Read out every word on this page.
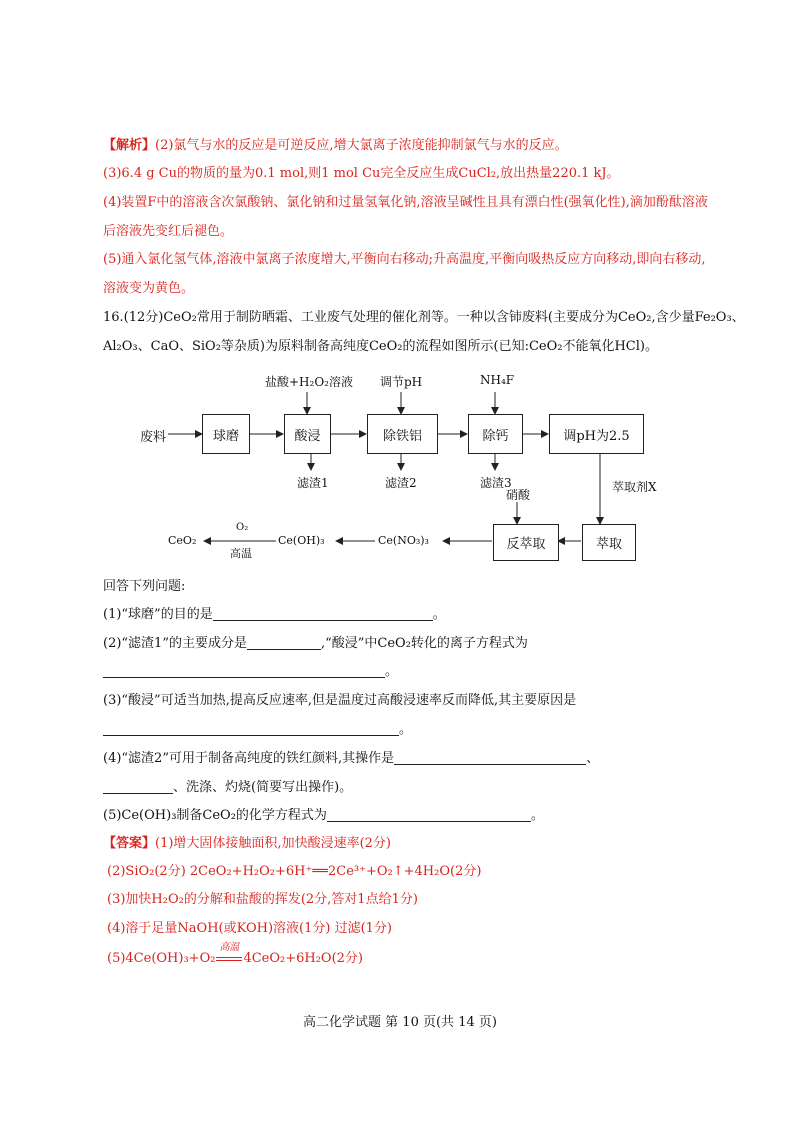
【解析】(2)氯气与水的反应是可逆反应,增大氯离子浓度能抑制氯气与水的反应。
(3)6.4 g Cu的物质的量为0.1 mol,则1 mol Cu完全反应生成CuCl₂,放出热量220.1 kJ。
(4)装置F中的溶液含次氯酸钠、氯化钠和过量氢氧化钠,溶液呈碱性且具有漂白性(强氧化性),滴加酚酞溶液
后溶液先变红后褪色。
(5)通入氯化氢气体,溶液中氯离子浓度增大,平衡向右移动;升高温度,平衡向吸热反应方向移动,即向右移动,
溶液变为黄色。
16.(12分)CeO₂常用于制防晒霜、工业废气处理的催化剂等。一种以含铈废料(主要成分为CeO₂,含少量Fe₂O₃、
Al₂O₃、CaO、SiO₂等杂质)为原料制备高纯度CeO₂的流程如图所示(已知:CeO₂不能氧化HCl)。
废料	球磨	酸浸	除铁铝	除钙	调pH为2.5
萃取
反萃取
盐酸+H₂O₂溶液 调节pH	NH₄F
萃取剂X
硝酸
滤渣1	滤渣2	滤渣3
Ce(NO₃)₃
Ce(OH)₃
CeO₂
O₂
高温
回答下列问题:
(1)“球磨”的目的是	。
(2)“滤渣1”的主要成分是	,“酸浸”中CeO₂转化的离子方程式为
。
(3)“酸浸”可适当加热,提高反应速率,但是温度过高酸浸速率反而降低,其主要原因是
。
(4)“滤渣2”可用于制备高纯度的铁红颜料,其操作是	、
、洗涤、灼烧(简要写出操作)。
(5)Ce(OH)₃制备CeO₂的化学方程式为	。
【答案】(1)增大固体接触面积,加快酸浸速率(2分)
(2)SiO₂(2分) 2CeO₂+H₂O₂+6H⁺══2Ce³⁺+O₂↑+4H₂O(2分)
(3)加快H₂O₂的分解和盐酸的挥发(2分,答对1点给1分)
(4)溶于足量NaOH(或KOH)溶液(1分) 过滤(1分)
(5)4Ce(OH)₃+O₂
高温
4CeO₂+6H₂O(2分)
高二化学试题 第 10 页(共 14 页)
